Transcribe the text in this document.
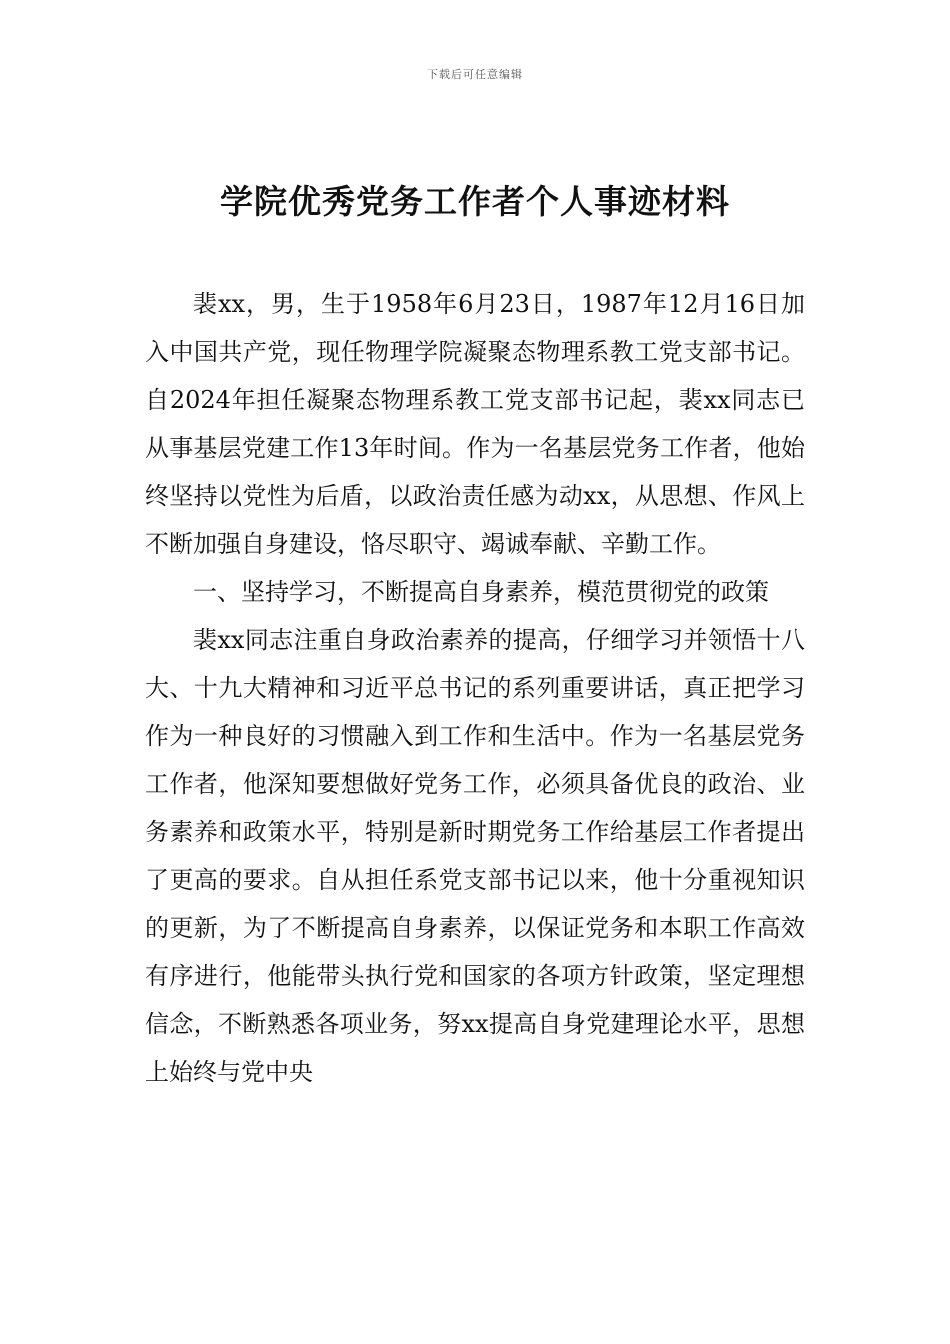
下载后可任意编辑
学院优秀党务工作者个人事迹材料

裴xx，男，生于1958年6月23日，1987年12月16日加入中国共产党，现任物理学院凝聚态物理系教工党支部书记。自2024年担任凝聚态物理系教工党支部书记起，裴xx同志已从事基层党建工作13年时间。作为一名基层党务工作者，他始终坚持以党性为后盾，以政治责任感为动xx，从思想、作风上不断加强自身建设，恪尽职守、竭诚奉献、辛勤工作。

一、坚持学习，不断提高自身素养，模范贯彻党的政策

裴xx同志注重自身政治素养的提高，仔细学习并领悟十八大、十九大精神和习近平总书记的系列重要讲话，真正把学习作为一种良好的习惯融入到工作和生活中。作为一名基层党务工作者，他深知要想做好党务工作，必须具备优良的政治、业务素养和政策水平，特别是新时期党务工作给基层工作者提出了更高的要求。自从担任系党支部书记以来，他十分重视知识的更新，为了不断提高自身素养，以保证党务和本职工作高效有序进行，他能带头执行党和国家的各项方针政策，坚定理想信念，不断熟悉各项业务，努xx提高自身党建理论水平，思想上始终与党中央
